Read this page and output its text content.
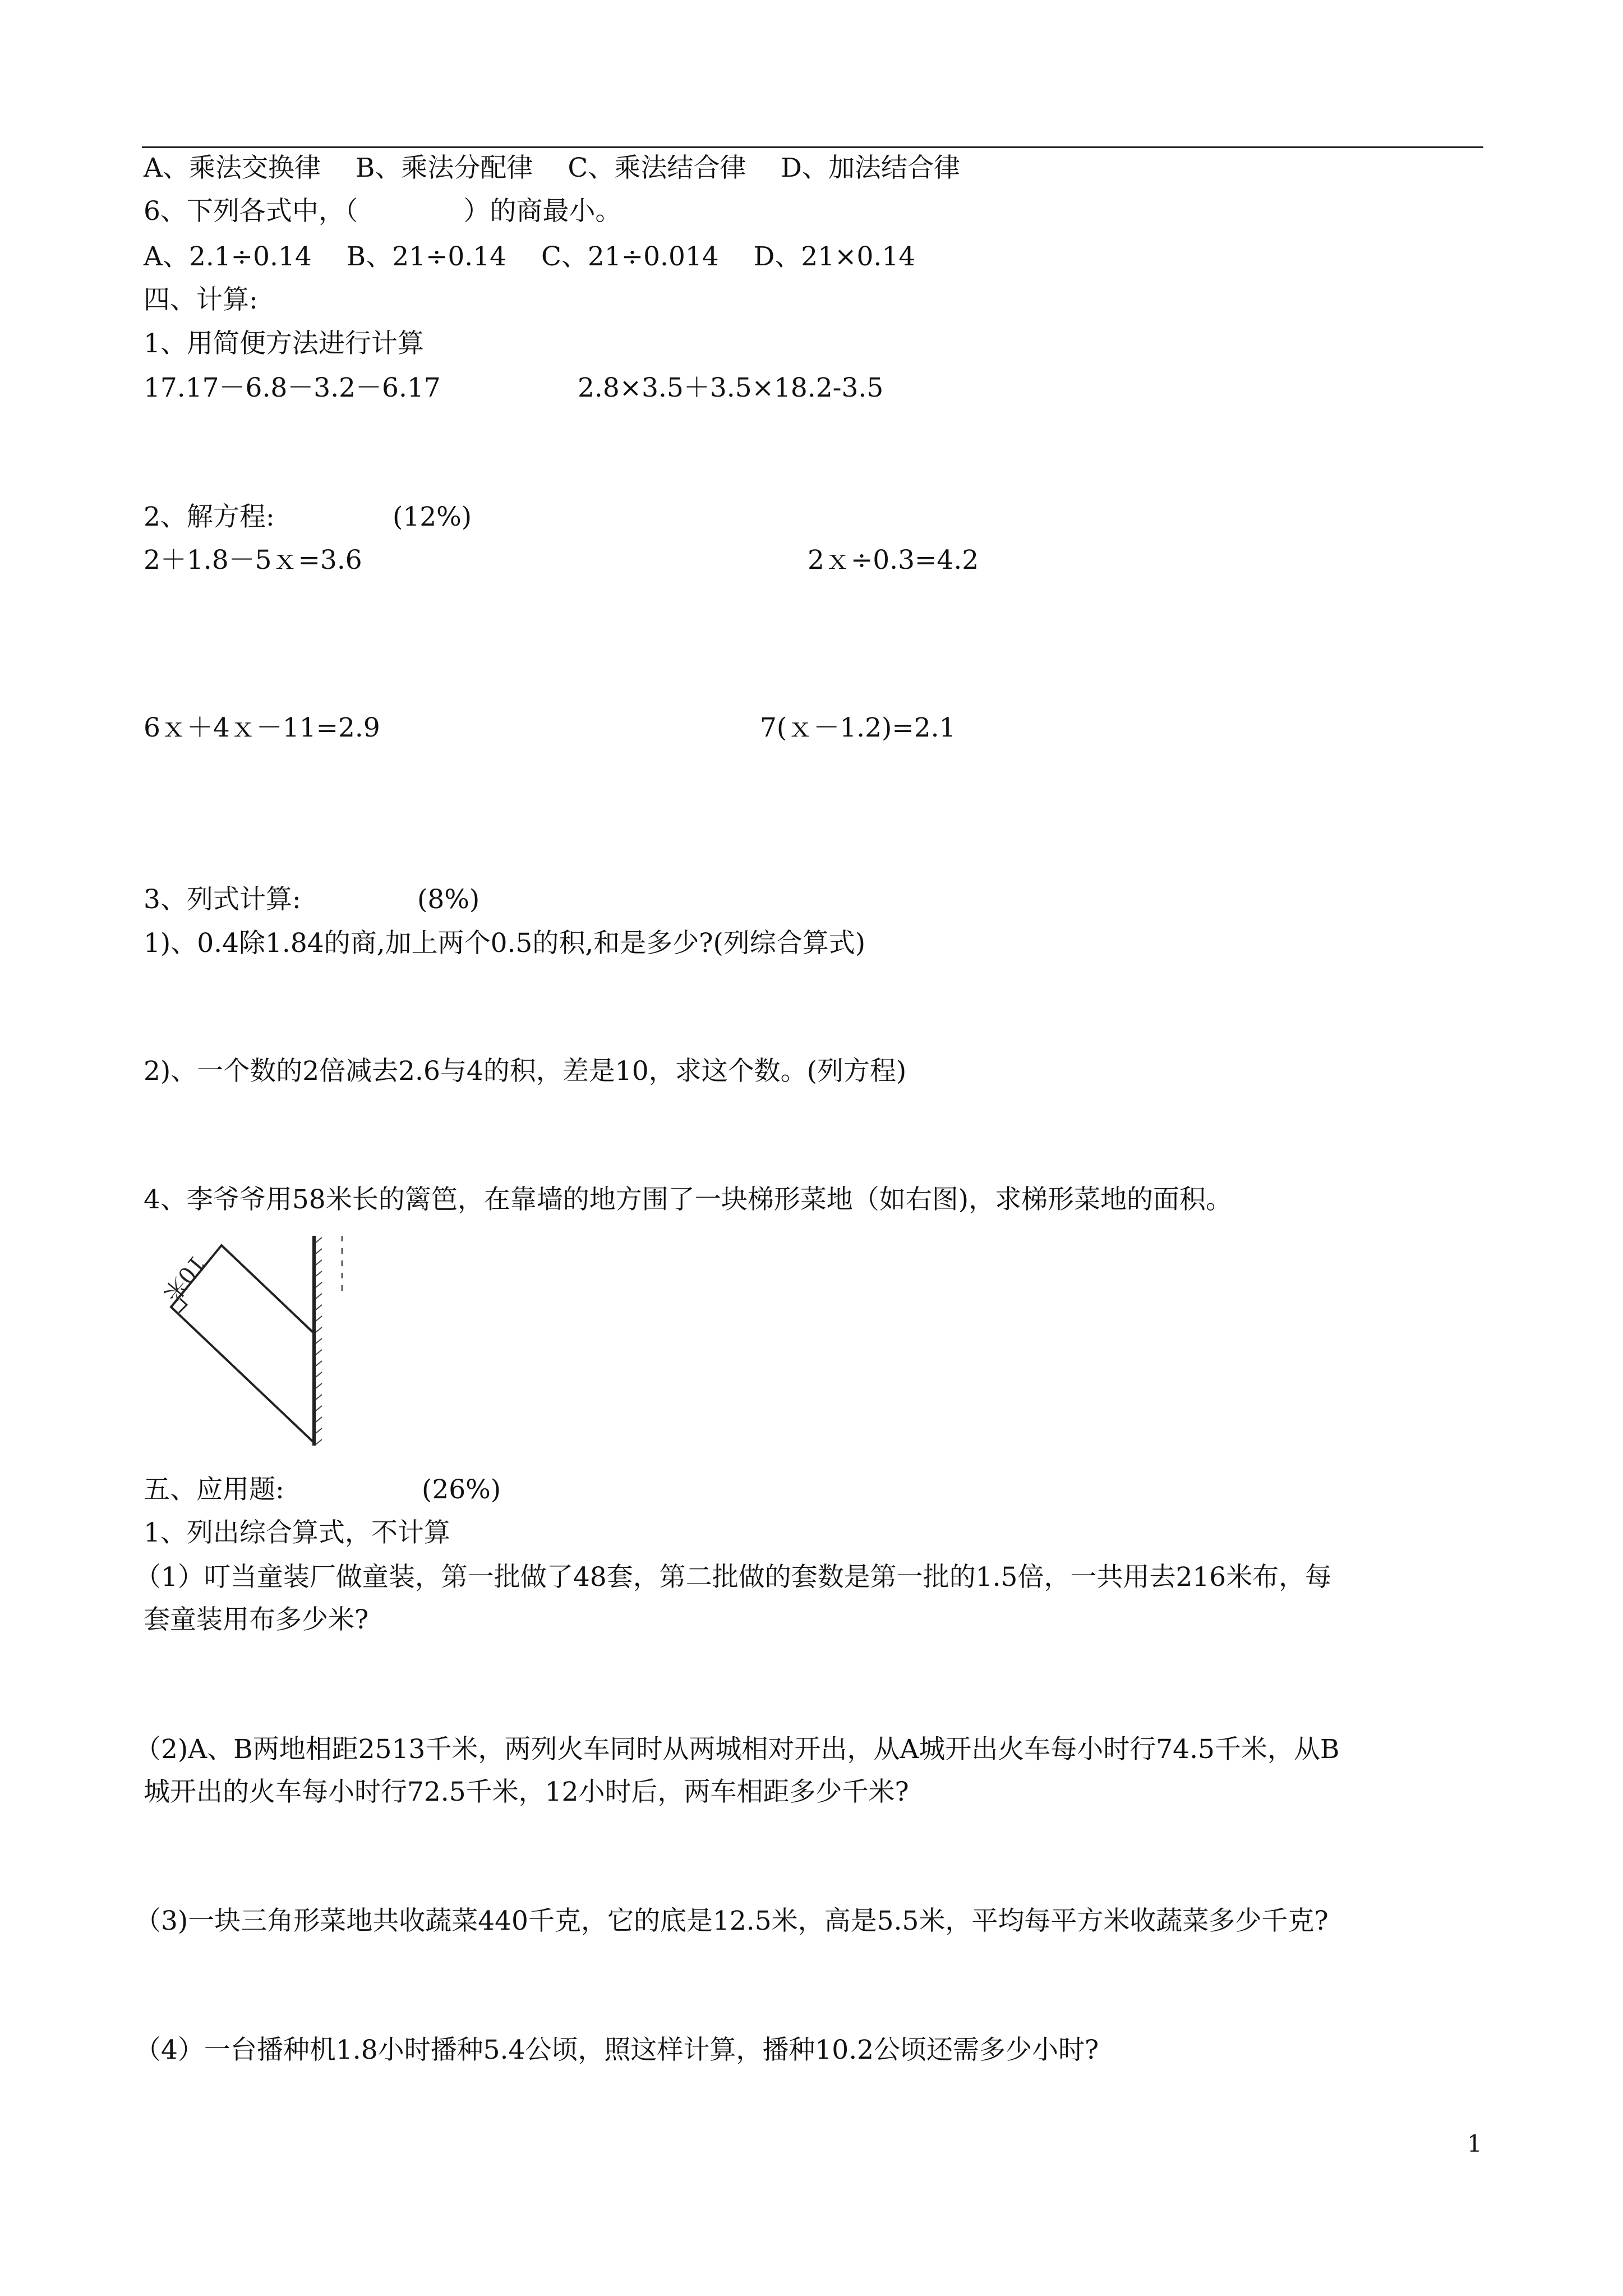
A、乘法交换律　 B、乘法分配律　 C、乘法结合律　 D、加法结合律

6、下列各式中，（　　　　）的商最小。

A、2.1÷0.14　 B、21÷0.14　 C、21÷0.014　 D、21×0.14

四、计算:

1、用简便方法进行计算

17.17－6.8－3.2－6.17	2.8×3.5＋3.5×18.2-3.5

2、解方程:	(12%)

2＋1.8－5ｘ=3.6	2ｘ÷0.3=4.2

6ｘ＋4ｘ－11=2.9	7(ｘ－1.2)=2.1

3、列式计算:	(8%)

1)、0.4除1.84的商,加上两个0.5的积,和是多少?(列综合算式)

2)、一个数的2倍减去2.6与4的积，差是10，求这个数。(列方程)

4、李爷爷用58米长的篱笆，在靠墙的地方围了一块梯形菜地（如右图)，求梯形菜地的面积。

10米

五、应用题:	(26%)

1、列出综合算式，不计算

（1）叮当童装厂做童装，第一批做了48套，第二批做的套数是第一批的1.5倍，一共用去216米布，每

套童装用布多少米?

（2)A、B两地相距2513千米，两列火车同时从两城相对开出，从A城开出火车每小时行74.5千米，从B

城开出的火车每小时行72.5千米，12小时后，两车相距多少千米?

（3)一块三角形菜地共收蔬菜440千克，它的底是12.5米，高是5.5米，平均每平方米收蔬菜多少千克?

（4）一台播种机1.8小时播种5.4公顷，照这样计算，播种10.2公顷还需多少小时?

1
